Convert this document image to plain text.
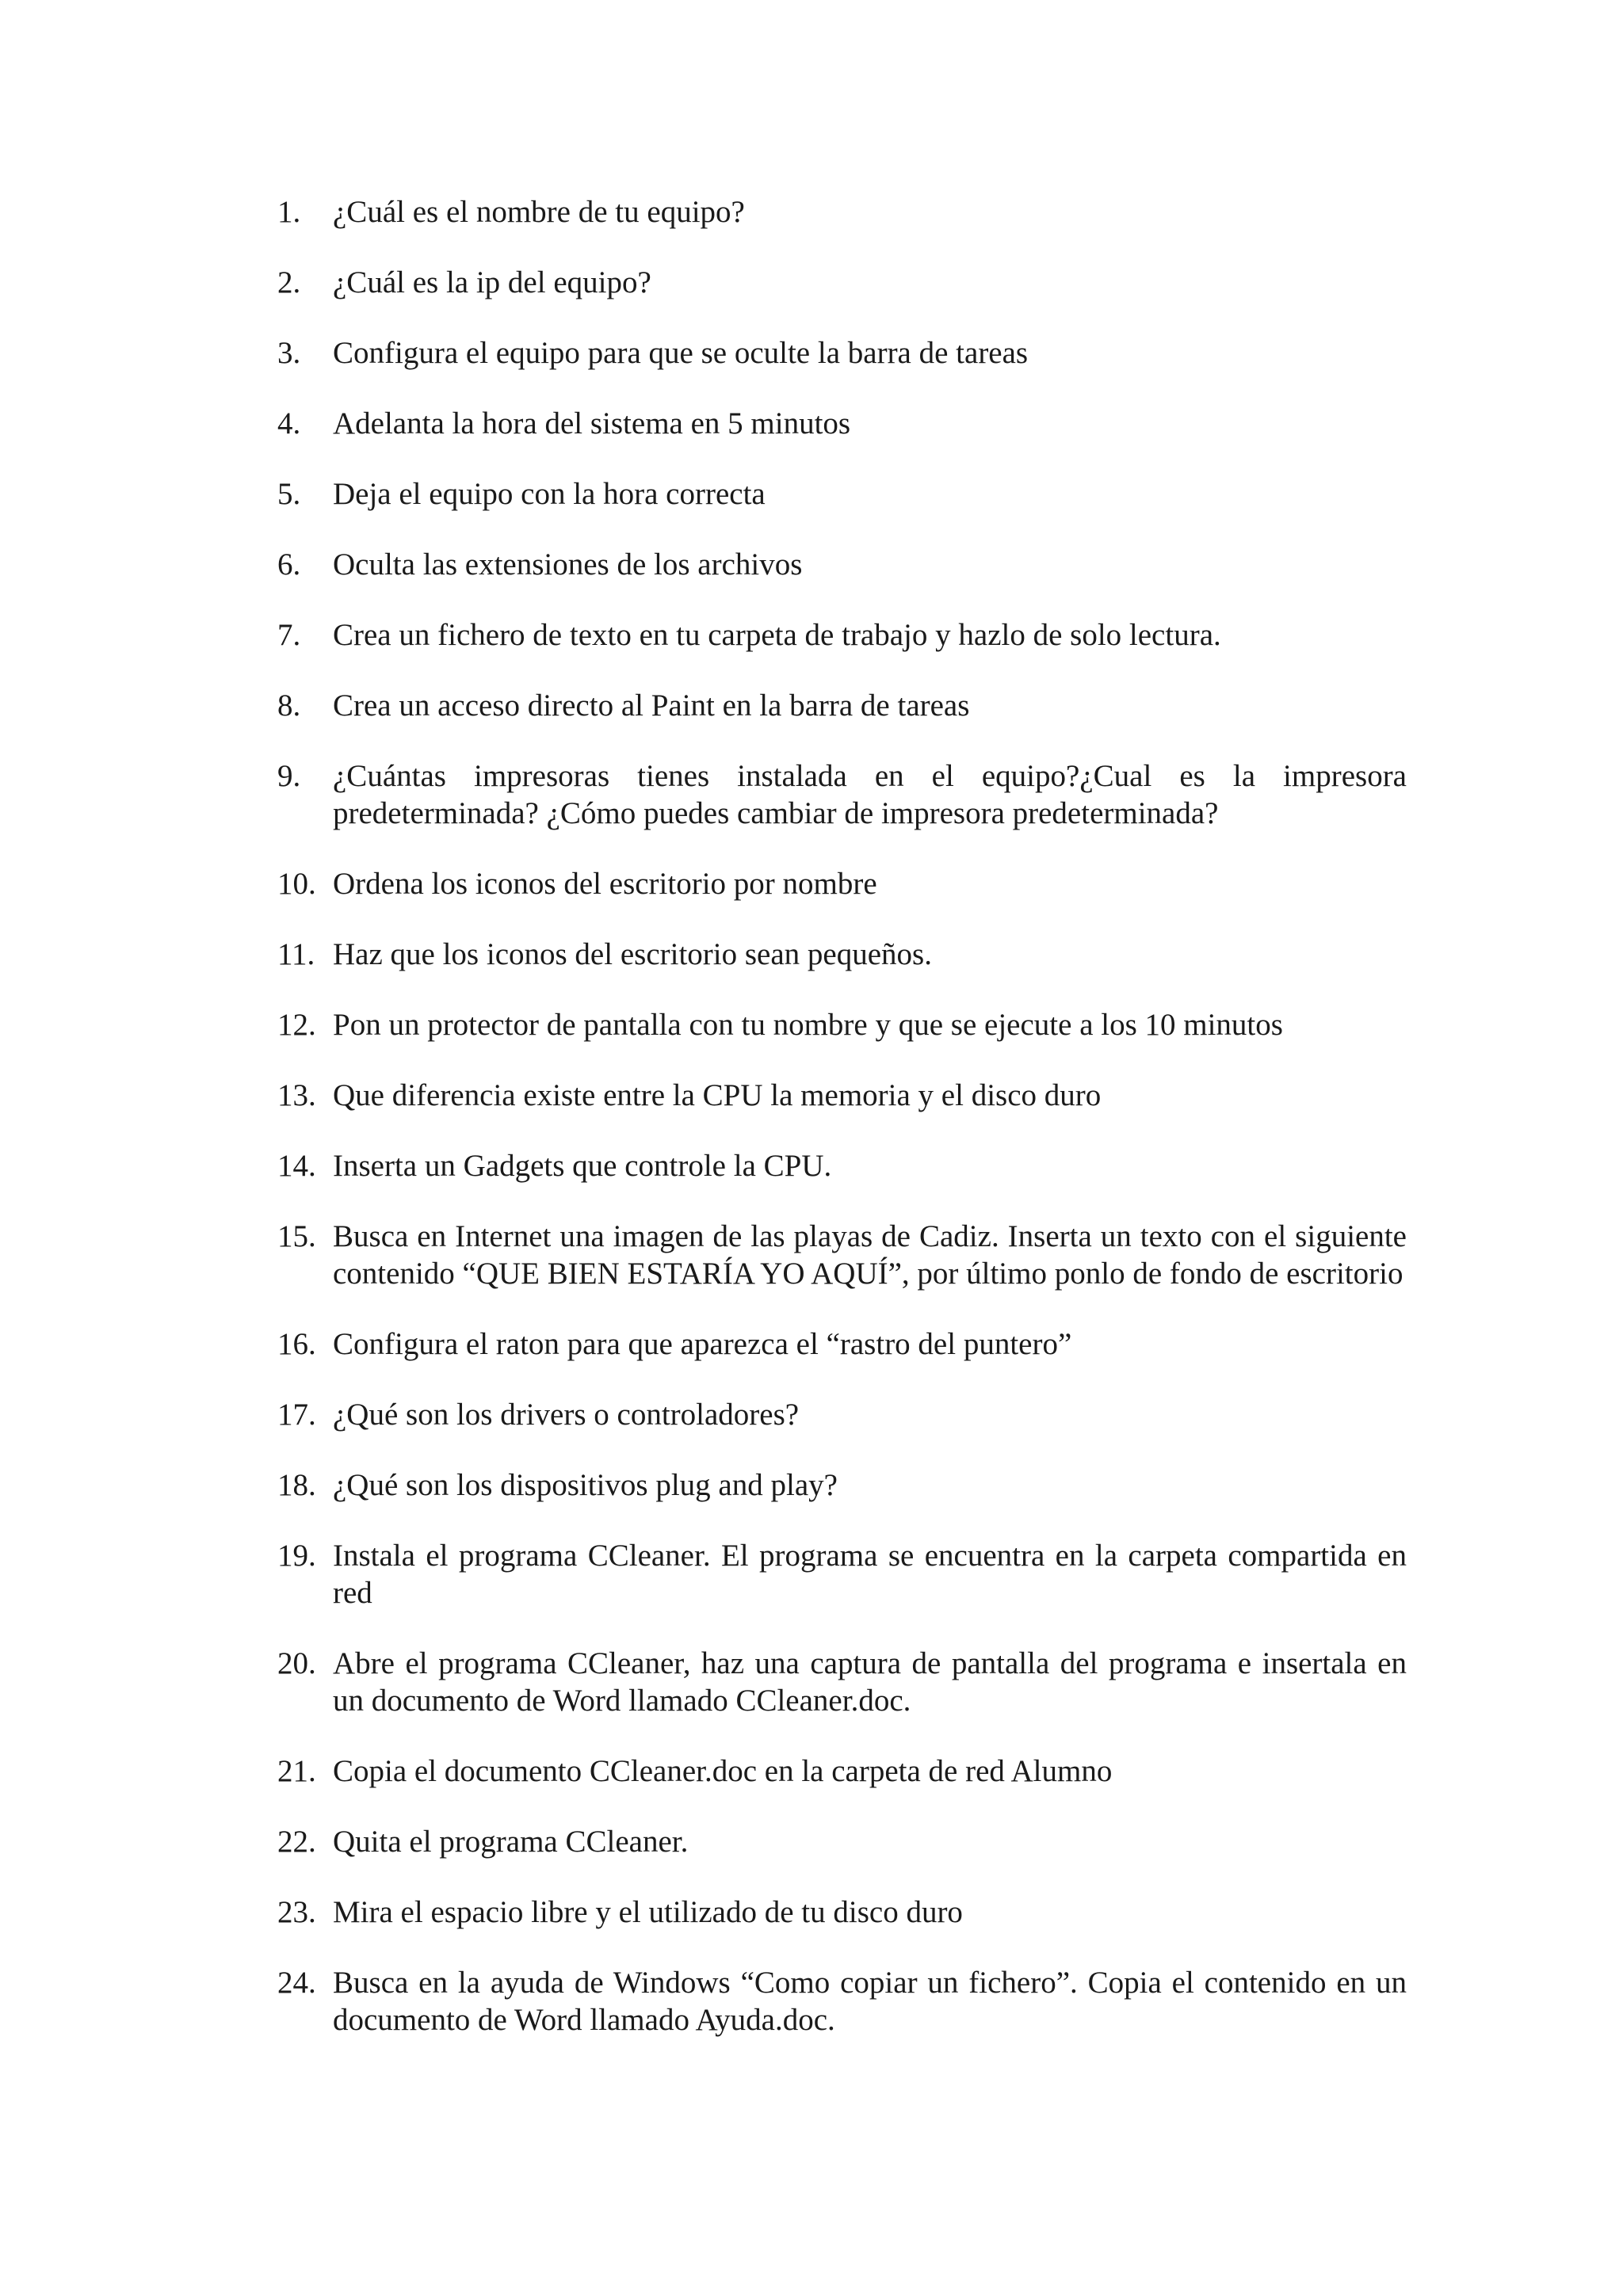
1.	¿Cuál es el nombre de tu equipo?
2.	¿Cuál es la ip del equipo?
3.	Configura el equipo para que se oculte la barra de tareas
4.	Adelanta la hora del sistema en 5 minutos
5.	Deja el equipo con la hora correcta
6.	Oculta las extensiones de los archivos
7.	Crea un fichero de texto en tu carpeta de trabajo y hazlo de solo lectura.
8.	Crea un acceso directo al Paint en la barra de tareas
9.	¿Cuántas impresoras tienes instalada en el equipo?¿Cual es la impresora predeterminada? ¿Cómo puedes cambiar de impresora predeterminada?
10. Ordena los iconos del escritorio por nombre
11. Haz que los iconos del escritorio sean pequeños.
12. Pon un protector de pantalla con tu nombre y que se ejecute a los 10 minutos
13. Que diferencia existe entre la CPU la memoria y el disco duro
14. Inserta un Gadgets que controle la CPU.
15. Busca en Internet una imagen de las playas de Cadiz. Inserta un texto con el siguiente contenido “QUE BIEN ESTARÍA YO AQUÍ”, por último ponlo de fondo de escritorio
16. Configura el raton para que aparezca el “rastro del puntero”
17. ¿Qué son los drivers o controladores?
18. ¿Qué son los dispositivos plug and play?
19. Instala el programa CCleaner. El programa se encuentra en la carpeta compartida en red
20. Abre el programa CCleaner, haz una captura de pantalla del programa e insertala en un documento de Word llamado CCleaner.doc.
21. Copia el documento CCleaner.doc en la carpeta de red Alumno
22. Quita el programa CCleaner.
23. Mira el espacio libre y el utilizado de tu disco duro
24. Busca en la ayuda de Windows “Como copiar un fichero”. Copia el contenido en un documento de Word llamado Ayuda.doc.
